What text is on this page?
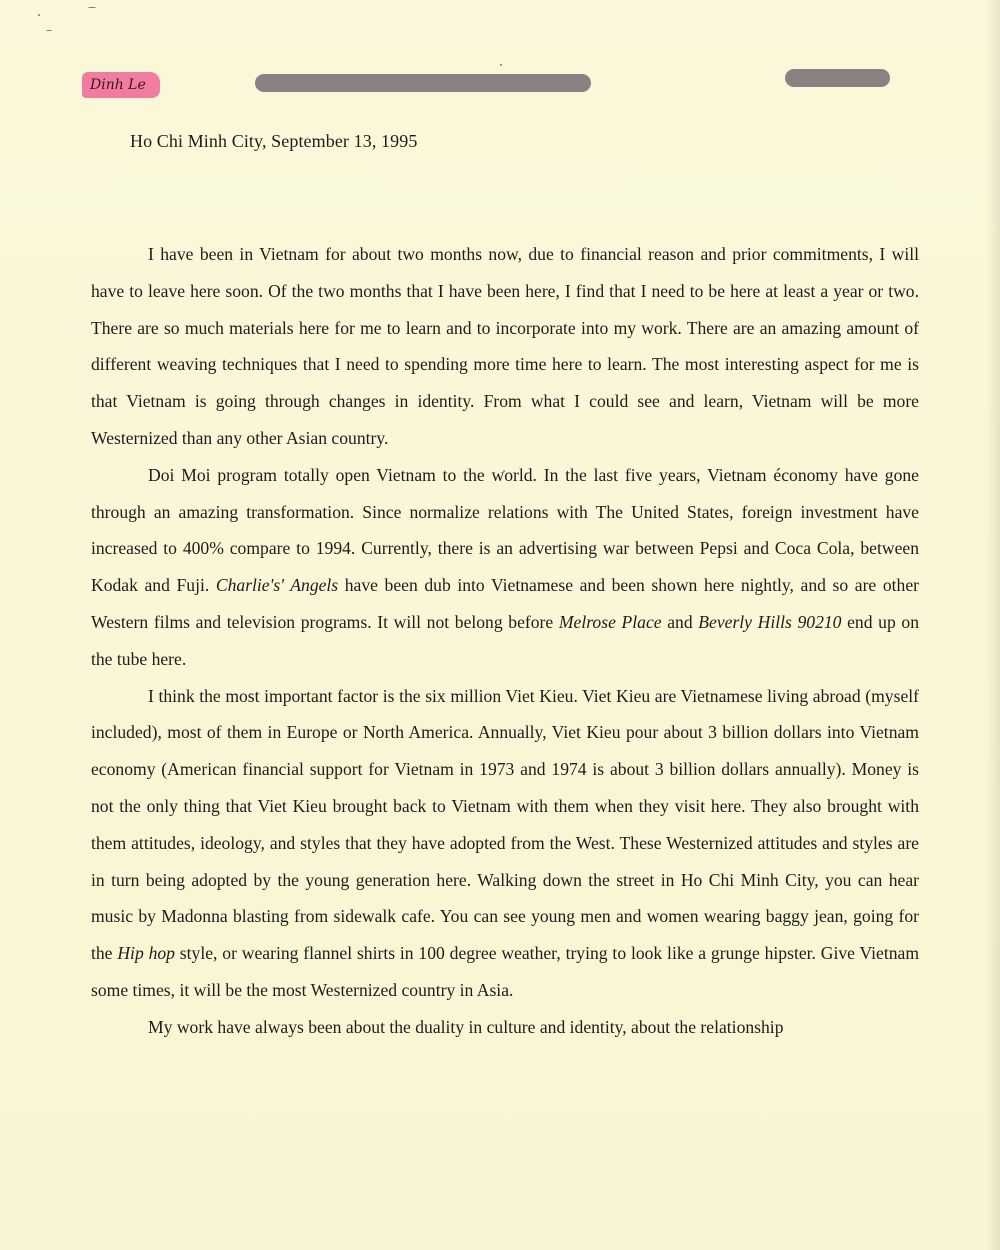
Dinh Le
Ho Chi Minh City, September 13, 1995

I have been in Vietnam for about two months now, due to financial reason and prior commitments, I will have to leave here soon. Of the two months that I have been here, I find that I need to be here at least a year or two. There are so much materials here for me to learn and to incorporate into my work. There are an amazing amount of different weaving techniques that I need to spending more time here to learn. The most interesting aspect for me is that Vietnam is going through changes in identity. From what I could see and learn, Vietnam will be more Westernized than any other Asian country.

Doi Moi program totally open Vietnam to the world. In the last five years, Vietnam économy have gone through an amazing transformation. Since normalize relations with The United States, foreign investment have increased to 400% compare to 1994. Currently, there is an advertising war between Pepsi and Coca Cola, between Kodak and Fuji. Charlie's' Angels have been dub into Vietnamese and been shown here nightly, and so are other Western films and television programs. It will not belong before Melrose Place and Beverly Hills 90210 end up on the tube here.

I think the most important factor is the six million Viet Kieu. Viet Kieu are Vietnamese living abroad (myself included), most of them in Europe or North America. Annually, Viet Kieu pour about 3 billion dollars into Vietnam economy (American financial support for Vietnam in 1973 and 1974 is about 3 billion dollars annually). Money is not the only thing that Viet Kieu brought back to Vietnam with them when they visit here. They also brought with them attitudes, ideology, and styles that they have adopted from the West. These Westernized attitudes and styles are in turn being adopted by the young generation here. Walking down the street in Ho Chi Minh City, you can hear music by Madonna blasting from sidewalk cafe. You can see young men and women wearing baggy jean, going for the Hip hop style, or wearing flannel shirts in 100 degree weather, trying to look like a grunge hipster. Give Vietnam some times, it will be the most Westernized country in Asia.

My work have always been about the duality in culture and identity, about the relationship
